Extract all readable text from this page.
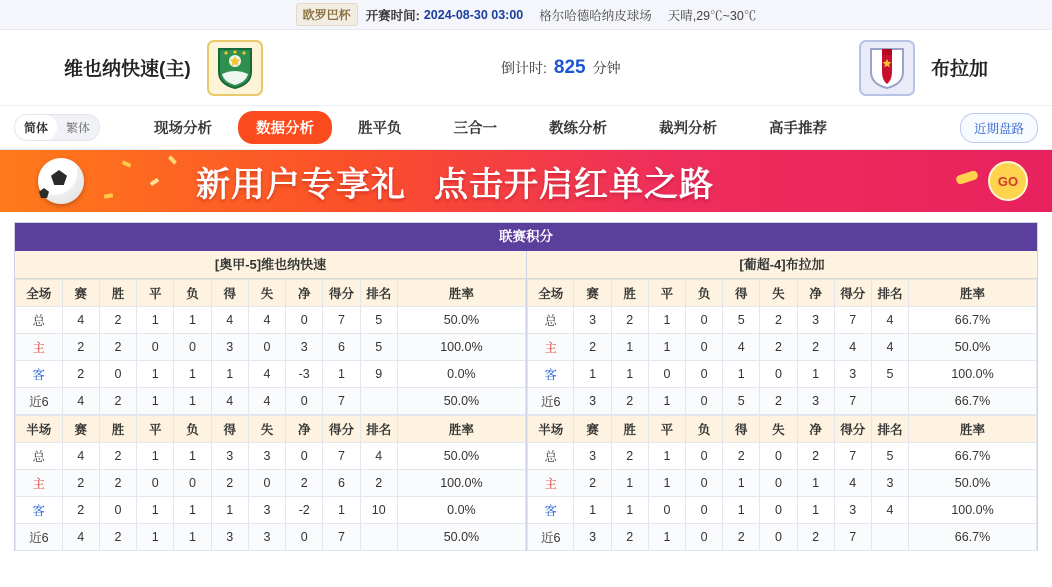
欧罗巴杯	开赛时间: 2024-08-30 03:00 格尔哈德哈纳皮球场 天晴,29℃~30℃
维也纳快速(主)	倒计时: 825 分钟	布拉加
简体	繁体	现场分析	数据分析	胜平负	三合一	教练分析	裁判分析	高手推荐	近期盘路
新用户专享礼 点击开启红单之路	GO
联赛积分
[奥甲-5]维也纳快速
全场	赛	胜	平	负	得	失	净	得分	排名	胜率
总	4	2	1	1	4	4	0	7	5	50.0%
主	2	2	0	0	3	0	3	6	5	100.0%
客	2	0	1	1	1	4	-3	1	9	0.0%
近6	4	2	1	1	4	4	0	7		50.0%
半场	赛	胜	平	负	得	失	净	得分	排名	胜率
总	4	2	1	1	3	3	0	7	4	50.0%
主	2	2	0	0	2	0	2	6	2	100.0%
客	2	0	1	1	1	3	-2	1	10	0.0%
近6	4	2	1	1	3	3	0	7		50.0%
[葡超-4]布拉加
全场	赛	胜	平	负	得	失	净	得分	排名	胜率
总	3	2	1	0	5	2	3	7	4	66.7%
主	2	1	1	0	4	2	2	4	4	50.0%
客	1	1	0	0	1	0	1	3	5	100.0%
近6	3	2	1	0	5	2	3	7		66.7%
半场	赛	胜	平	负	得	失	净	得分	排名	胜率
总	3	2	1	0	2	0	2	7	5	66.7%
主	2	1	1	0	1	0	1	4	3	50.0%
客	1	1	0	0	1	0	1	3	4	100.0%
近6	3	2	1	0	2	0	2	7		66.7%
